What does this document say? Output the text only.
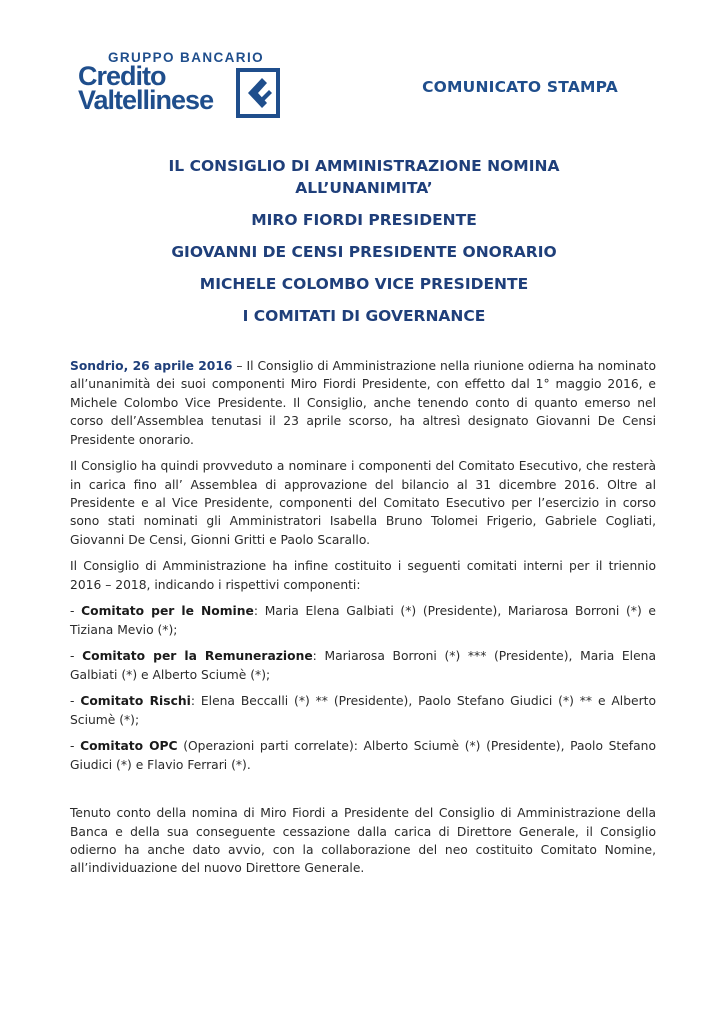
GRUPPO BANCARIO
Credito
Valtellinese	COMUNICATO STAMPA

IL CONSIGLIO DI AMMINISTRAZIONE NOMINA

ALL’UNANIMITA’

MIRO FIORDI PRESIDENTE

GIOVANNI DE CENSI PRESIDENTE ONORARIO

MICHELE COLOMBO VICE PRESIDENTE

I COMITATI DI GOVERNANCE

Sondrio, 26 aprile 2016 – Il Consiglio di Amministrazione nella riunione odierna ha nominato all’unanimità dei suoi componenti Miro Fiordi Presidente, con effetto dal 1° maggio 2016, e Michele Colombo Vice Presidente. Il Consiglio, anche tenendo conto di quanto emerso nel corso dell’Assemblea tenutasi il 23 aprile scorso, ha altresì designato Giovanni De Censi Presidente onorario.

Il Consiglio ha quindi provveduto a nominare i componenti del Comitato Esecutivo, che resterà in carica fino all’ Assemblea di approvazione del bilancio al 31 dicembre 2016. Oltre al Presidente e al Vice Presidente, componenti del Comitato Esecutivo per l’esercizio in corso sono stati nominati gli Amministratori Isabella Bruno Tolomei Frigerio, Gabriele Cogliati, Giovanni De Censi, Gionni Gritti e Paolo Scarallo.

Il Consiglio di Amministrazione ha infine costituito i seguenti comitati interni per il triennio 2016 – 2018, indicando i rispettivi componenti:

- Comitato per le Nomine: Maria Elena Galbiati (*) (Presidente), Mariarosa Borroni (*) e Tiziana Mevio (*);

- Comitato per la Remunerazione: Mariarosa Borroni (*) *** (Presidente), Maria Elena Galbiati (*) e Alberto Sciumè (*);

- Comitato Rischi: Elena Beccalli (*) ** (Presidente), Paolo Stefano Giudici (*) ** e Alberto Sciumè (*);

- Comitato OPC (Operazioni parti correlate): Alberto Sciumè (*) (Presidente), Paolo Stefano Giudici (*) e Flavio Ferrari (*).

Tenuto conto della nomina di Miro Fiordi a Presidente del Consiglio di Amministrazione della Banca e della sua conseguente cessazione dalla carica di Direttore Generale, il Consiglio odierno ha anche dato avvio, con la collaborazione del neo costituito Comitato Nomine, all’individuazione del nuovo Direttore Generale.
